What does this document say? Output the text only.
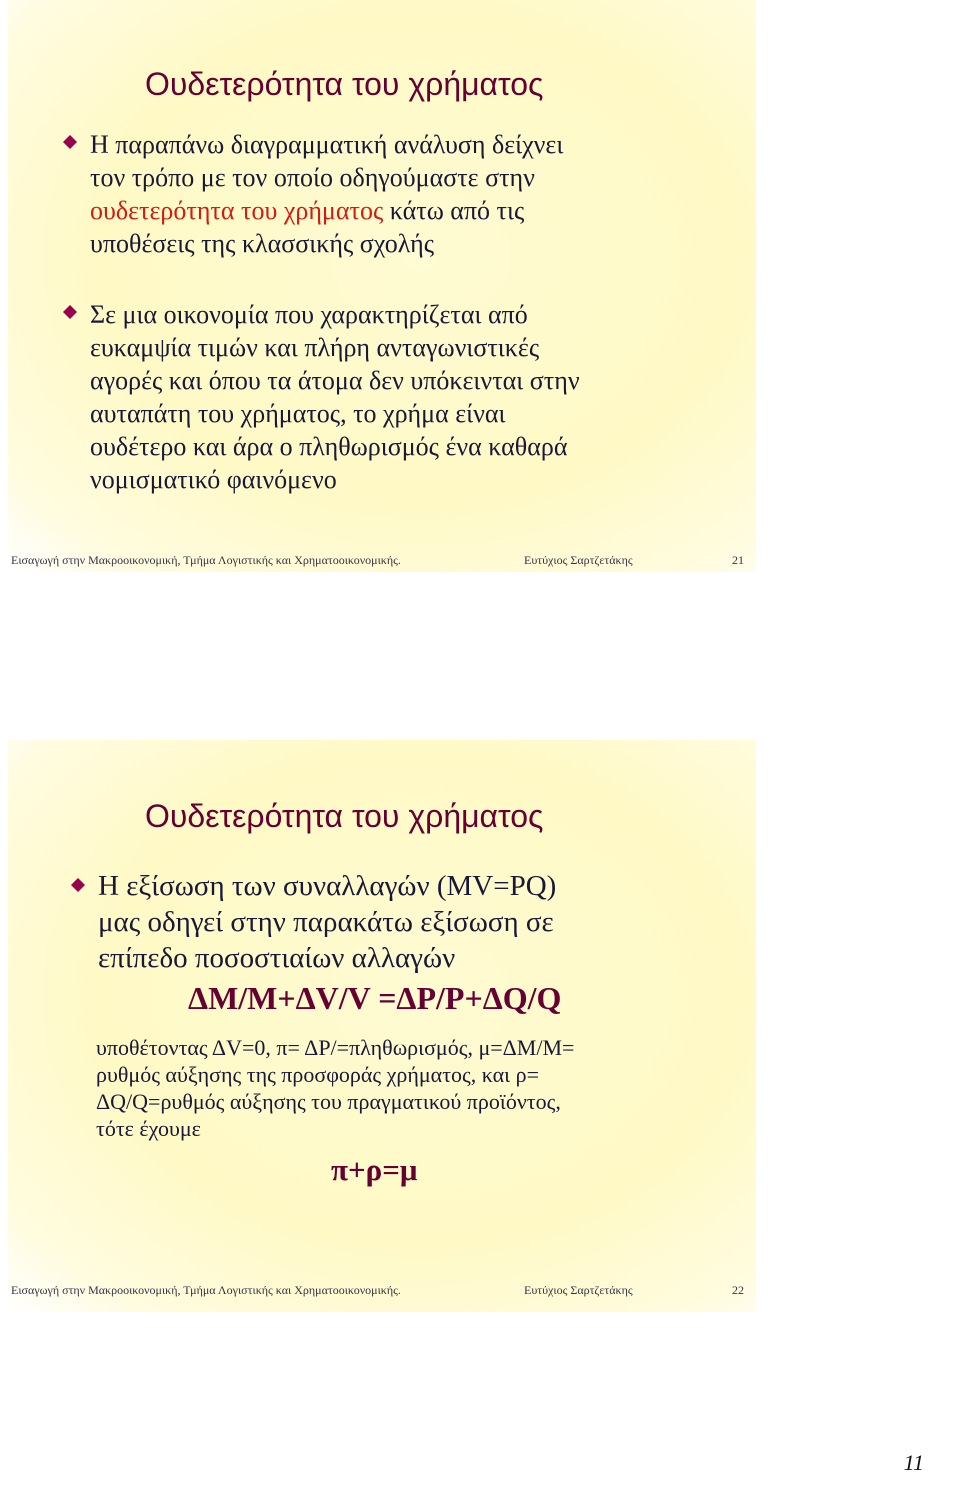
Ουδετερότητα του χρήματος
Η παραπάνω διαγραμματική ανάλυση δείχνει
τον τρόπο με τον οποίο οδηγούμαστε στην
ουδετερότητα του χρήματος κάτω από τις
υποθέσεις της κλασσικής σχολής
Σε μια οικονομία που χαρακτηρίζεται από
ευκαμψία τιμών και πλήρη ανταγωνιστικές
αγορές και όπου τα άτομα δεν υπόκεινται στην
αυταπάτη του χρήματος, το χρήμα είναι
ουδέτερο και άρα ο πληθωρισμός ένα καθαρά
νομισματικό φαινόμενο
Εισαγωγή στην Μακροοικονομική, Τμήμα Λογιστικής και Χρηματοοικονομικής.	Ευτύχιος Σαρτζετάκης	21
Ουδετερότητα του χρήματος
Η εξίσωση των συναλλαγών (MV=PQ)
μας οδηγεί στην παρακάτω εξίσωση σε
επίπεδο ποσοστιαίων αλλαγών
ΔM/M+ΔV/V =ΔP/P+ΔQ/Q
υποθέτοντας ΔV=0, π= ΔP/=πληθωρισμός, μ=ΔM/M=
ρυθμός αύξησης της προσφοράς χρήματος, και ρ=
ΔQ/Q=ρυθμός αύξησης του πραγματικού προϊόντος,
τότε έχουμε
π+ρ=μ
Εισαγωγή στην Μακροοικονομική, Τμήμα Λογιστικής και Χρηματοοικονομικής.	Ευτύχιος Σαρτζετάκης	22
11
